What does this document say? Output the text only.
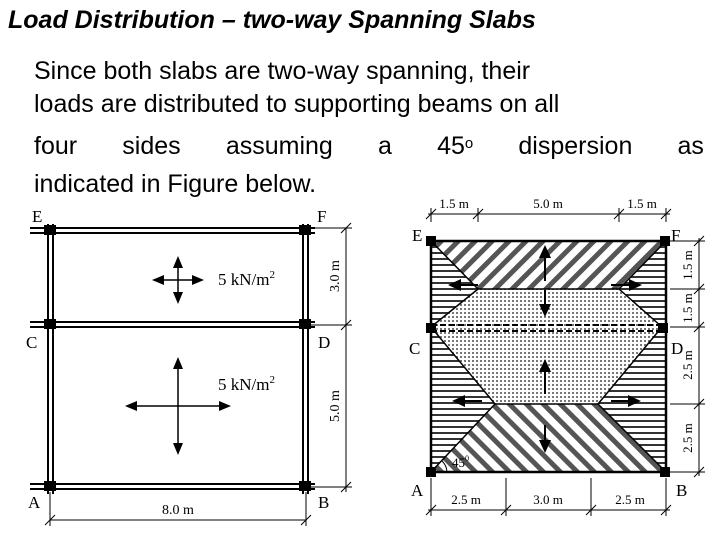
Load Distribution – two-way Spanning Slabs
Since both slabs are two-way spanning, their
loads are distributed to supporting beams on all
four sides assuming a 45$^o$ dispersion as
indicated in Figure below.
E	F
C	D
A	B
5 $kN/m^2$
5 $kN/m^2$
3.0 m
5.0 m
8.0 m
$45^0$
E	F
C	D
A	B
1.5 m	5.0 m	1.5 m
2.5 m	3.0 m	2.5 m
1.5 m
1.5 m
2.5 m
2.5 m
